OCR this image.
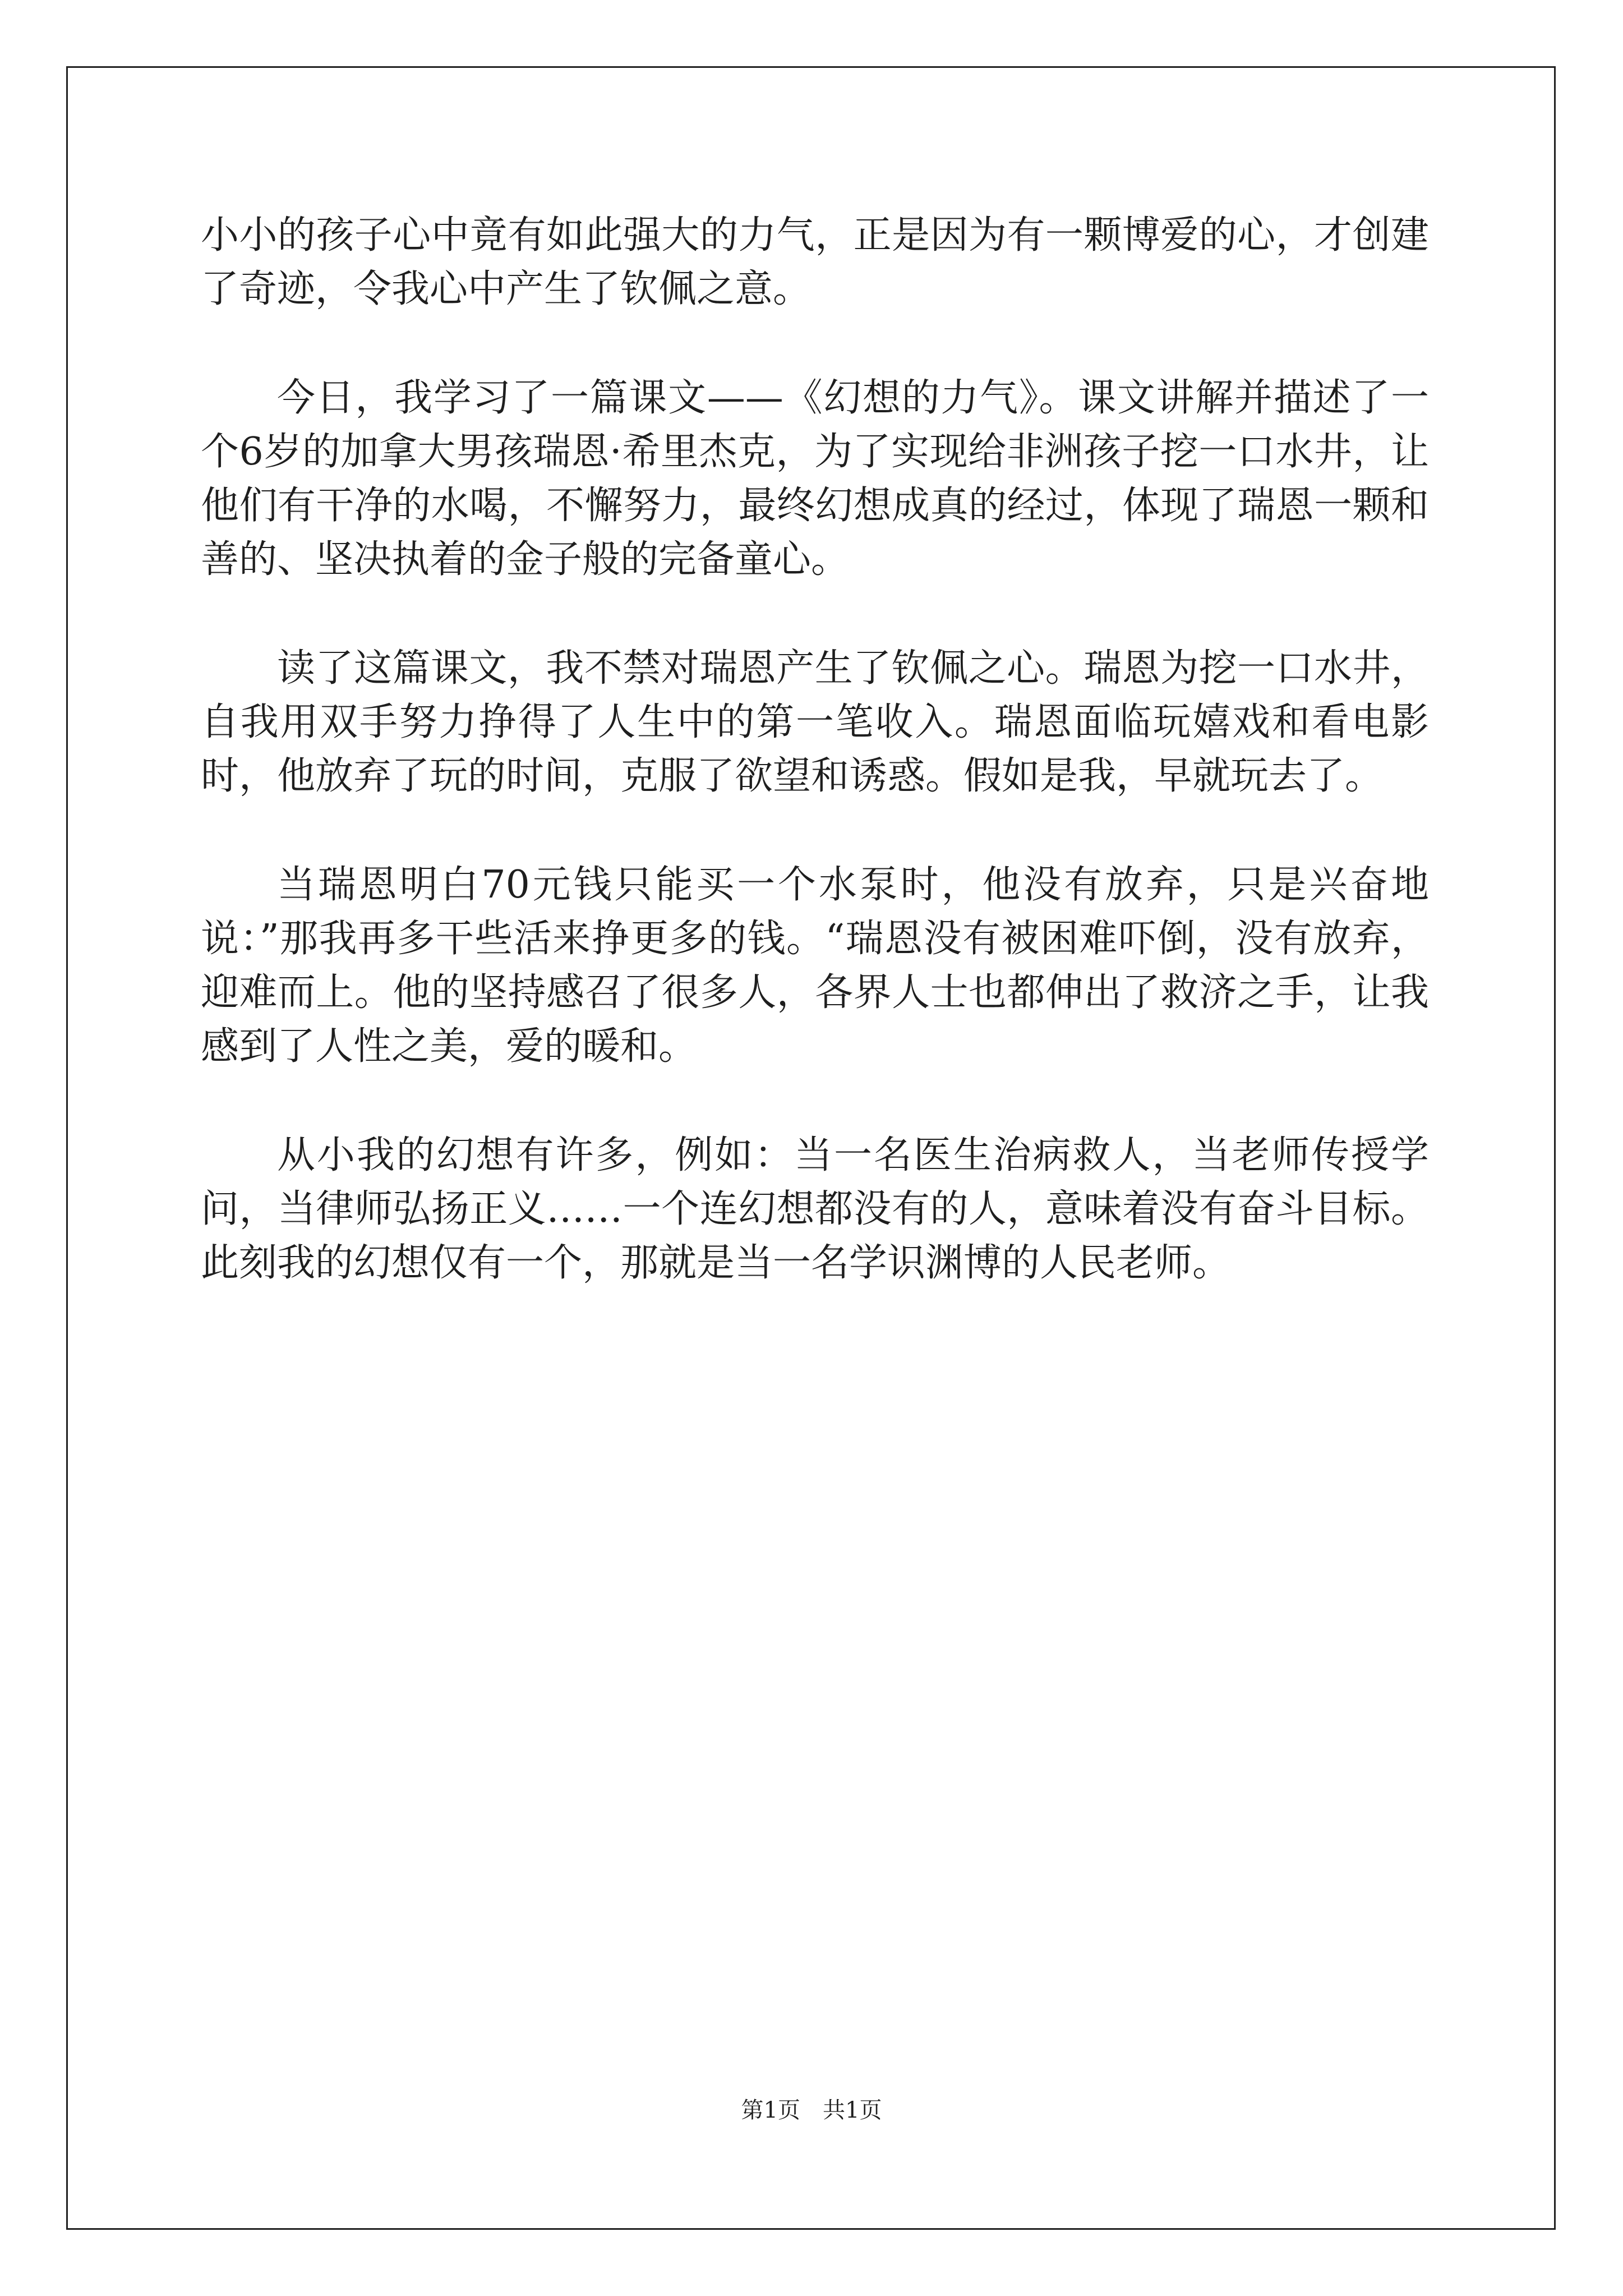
小小的孩子心中竟有如此强大的力气，正是因为有一颗博爱的心，才创建了奇迹，令我心中产生了钦佩之意。

今日，我学习了一篇课文——《幻想的力气》。课文讲解并描述了一个6岁的加拿大男孩瑞恩·希里杰克，为了实现给非洲孩子挖一口水井，让他们有干净的水喝，不懈努力，最终幻想成真的经过，体现了瑞恩一颗和善的、坚决执着的金子般的完备童心。

读了这篇课文，我不禁对瑞恩产生了钦佩之心。瑞恩为挖一口水井，自我用双手努力挣得了人生中的第一笔收入。瑞恩面临玩嬉戏和看电影时，他放弃了玩的时间，克服了欲望和诱惑。假如是我，早就玩去了。

当瑞恩明白70元钱只能买一个水泵时，他没有放弃，只是兴奋地说：”那我再多干些活来挣更多的钱。“瑞恩没有被困难吓倒，没有放弃，迎难而上。他的坚持感召了很多人，各界人士也都伸出了救济之手，让我感到了人性之美，爱的暖和。

从小我的幻想有许多，例如：当一名医生治病救人，当老师传授学问，当律师弘扬正义……一个连幻想都没有的人，意味着没有奋斗目标。此刻我的幻想仅有一个，那就是当一名学识渊博的人民老师。

第1页 共1页
